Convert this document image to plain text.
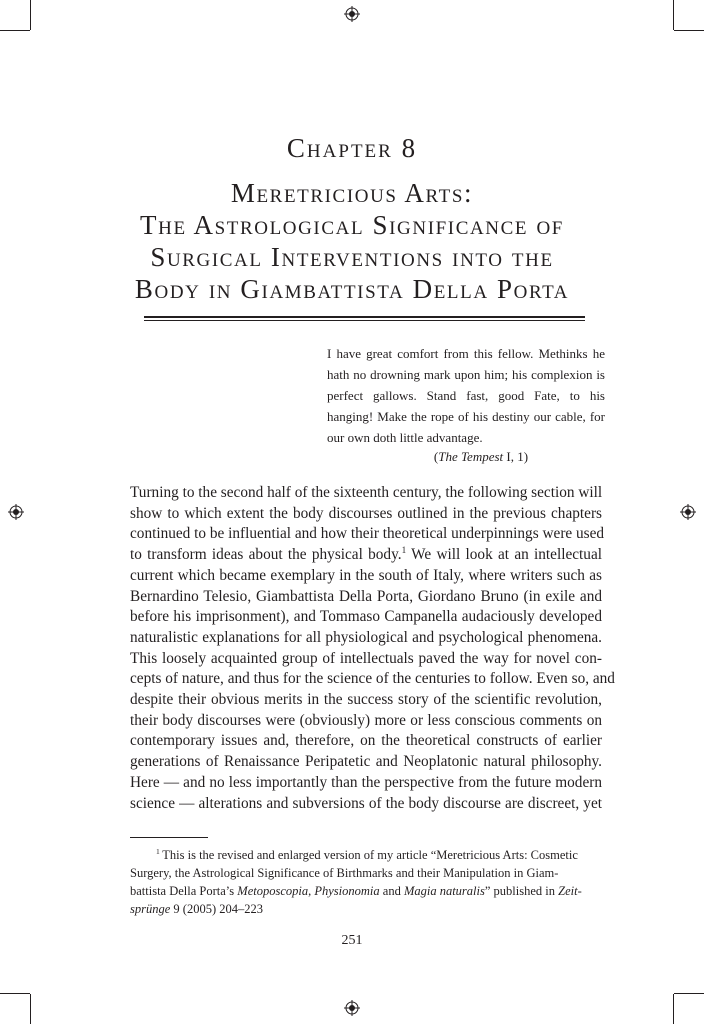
Chapter 8
Meretricious Arts:
The Astrological Significance of
Surgical Interventions into the
Body in Giambattista Della Porta
I have great comfort from this fellow. Methinks he hath no drowning mark upon him; his complexion is perfect gallows. Stand fast, good Fate, to his hanging! Make the rope of his destiny our cable, for our own doth little advantage.
(The Tempest I, 1)
Turning to the second half of the sixteenth century, the following section will
show to which extent the body discourses outlined in the previous chapters
continued to be influential and how their theoretical underpinnings were used
to transform ideas about the physical body.$^1$ We will look at an intellectual
current which became exemplary in the south of Italy, where writers such as
Bernardino Telesio, Giambattista Della Porta, Giordano Bruno (in exile and
before his imprisonment), and Tommaso Campanella audaciously developed
naturalistic explanations for all physiological and psychological phenomena.
This loosely acquainted group of intellectuals paved the way for novel con-
cepts of nature, and thus for the science of the centuries to follow. Even so, and
despite their obvious merits in the success story of the scientific revolution,
their body discourses were (obviously) more or less conscious comments on
contemporary issues and, therefore, on the theoretical constructs of earlier
generations of Renaissance Peripatetic and Neoplatonic natural philosophy.
Here — and no less importantly than the perspective from the future modern
science — alterations and subversions of the body discourse are discreet, yet
$^1$  This is the revised and enlarged version of my article “Meretricious Arts: Cosmetic
Surgery, the Astrological Significance of Birthmarks and their Manipulation in Giam-
battista Della Porta’s Metoposcopia, Physionomia and Magia naturalis” published in Zeit-
sprünge 9 (2005) 204–223
251
